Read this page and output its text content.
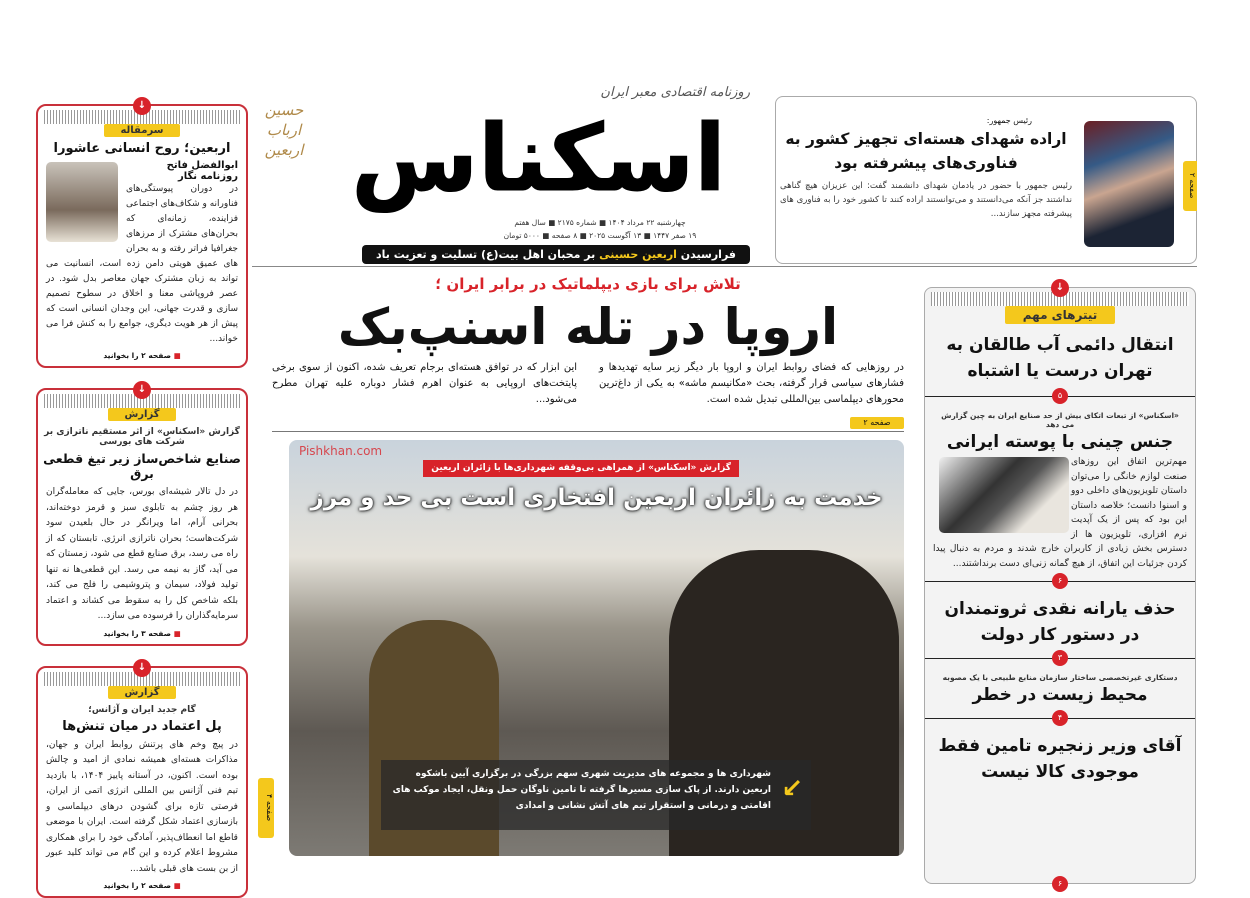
↓
سرمقاله
اربعین؛ روح انسانی عاشورا
ابوالفضل فاتح
روزنامه نگار
در دوران پیوستگی‌های فناورانه و شکاف‌های اجتماعی فزاینده، زمانه‌ای که بحران‌های مشترک از مرزهای جغرافیا فراتر رفته و به بحران های عمیق هویتی دامن زده است، انسانیت می تواند به زبان مشترک جهان معاصر بدل شود. در عصر فروپاشی معنا و اخلاق در سطوح تصمیم سازی و قدرت جهانی، این وجدان انسانی است که پیش از هر هویت دیگری، جوامع را به کنش فرا می خواند...
■ صفحه ۲ را بخوانید
↓
گزارش
گزارش «اسکناس» از اثر مستقیم ناترازی بر شرکت های بورسی
صنایع شاخص‌ساز زیر تیغ قطعی برق
در دل تالار شیشه‌ای بورس، جایی که معامله‌گران هر روز چشم به تابلوی سبز و قرمز دوخته‌اند، بحرانی آرام، اما ویرانگر در حال بلعیدن سود شرکت‌هاست؛ بحران ناترازی انرژی. تابستان که از راه می رسد، برق صنایع قطع می شود، زمستان که می آید، گاز به نیمه می رسد. این قطعی‌ها نه تنها تولید فولاد، سیمان و پتروشیمی را فلج می کند، بلکه شاخص کل را به سقوط می کشاند و اعتماد سرمایه‌گذاران را فرسوده می سازد...
■ صفحه ۳ را بخوانید
↓
گزارش
گام جدید ایران و آژانس؛
پل اعتماد در میان تنش‌ها
در پیچ وخم های پرتنش روابط ایران و جهان، مذاکرات هسته‌ای همیشه نمادی از امید و چالش بوده است. اکنون، در آستانه پاییز ۱۴۰۴، با بازدید تیم فنی آژانس بین المللی انرژی اتمی از ایران، فرصتی تازه برای گشودن درهای دیپلماسی و بازسازی اعتماد شکل گرفته است. ایران با موضعی قاطع اما انعطاف‌پذیر، آمادگی خود را برای همکاری مشروط اعلام کرده و این گام می تواند کلید عبور از بن بست های قبلی باشد...
■ صفحه ۲ را بخوانید
حسین ارباب اربعین
روزنامه اقتصادی معبر ایران
اسکناس
چهارشنبه ۲۲ مرداد ۱۴۰۴ ■ شماره ۲۱۷۵ ■ سال هفتم
۱۹ صفر ۱۴۴۷ ■ ۱۳ آگوست ۲۰۲۵ ■ ۸ صفحه ■ ۵۰۰۰ تومان
فرارسیدن اربعین حسینی بر محبان اهل بیت(ع) تسلیت و تعزیت باد
صفحه ۲
رئیس جمهور:
اراده شهدای هسته‌ای تجهیز کشور به فناوری‌های پیشرفته بود
رئیس جمهور با حضور در یادمان شهدای دانشمند گفت: این عزیزان هیچ گناهی نداشتند جز آنکه می‌دانستند و می‌توانستند اراده کنند تا کشور خود را به فناوری های پیشرفته مجهز سازند...
تلاش برای بازی دیپلماتیک در برابر ایران ؛
اروپا در تله اسنپ‌بک
در روزهایی که فضای روابط ایران و اروپا بار دیگر زیر سایه تهدیدها و فشارهای سیاسی قرار گرفته، بحث «مکانیسم ماشه» به یکی از داغ‌ترین محورهای دیپلماسی بین‌المللی تبدیل شده است.
این ابزار که در توافق هسته‌ای برجام تعریف شده، اکنون از سوی برخی پایتخت‌های اروپایی به عنوان اهرم فشار دوباره علیه تهران مطرح می‌شود...
صفحه ۲
Pishkhan.com
گزارش «اسکناس» از همراهی بی‌وقفه شهرداری‌ها با زائران اربعین
خدمت به زائران اربعین افتخاری است بی حد و مرز
شهرداری ها و مجموعه های مدیریت شهری سهم بزرگی در برگزاری آیین باشکوه اربعین دارند. از پاک سازی مسیرها گرفته تا تامین ناوگان حمل ونقل، ایجاد موکب های اقامتی و درمانی و استقرار تیم های آتش نشانی و امدادی
↙
صفحه ۴
↓
تیترهای مهم
انتقال دائمی آب طالقان به تهران درست یا اشتباه
۵
«اسکناس» از تبعات اتکای بیش از حد صنایع ایران به چین گزارش می دهد
جنس چینی با پوسته ایرانی
مهم‌ترین اتفاق این روزهای صنعت لوازم خانگی را می‌توان داستان تلویزیون‌های داخلی دوو و اسنوا دانست؛ خلاصه داستان این بود که پس از یک آپدیت نرم افزاری، تلویزیون ها از دسترس بخش زیادی از کاربران خارج شدند و مردم به دنبال پیدا کردن جزئیات این اتفاق، از هیچ گمانه زنی‌ای دست برنداشتند...
۶
حذف یارانه نقدی ثروتمندان در دستور کار دولت
۳
دستکاری غیرتخصصی ساختار سازمان منابع طبیعی با یک مصوبه
محیط زیست در خطر
۴
آقای وزیر زنجیره تامین فقط موجودی کالا نیست
۶
